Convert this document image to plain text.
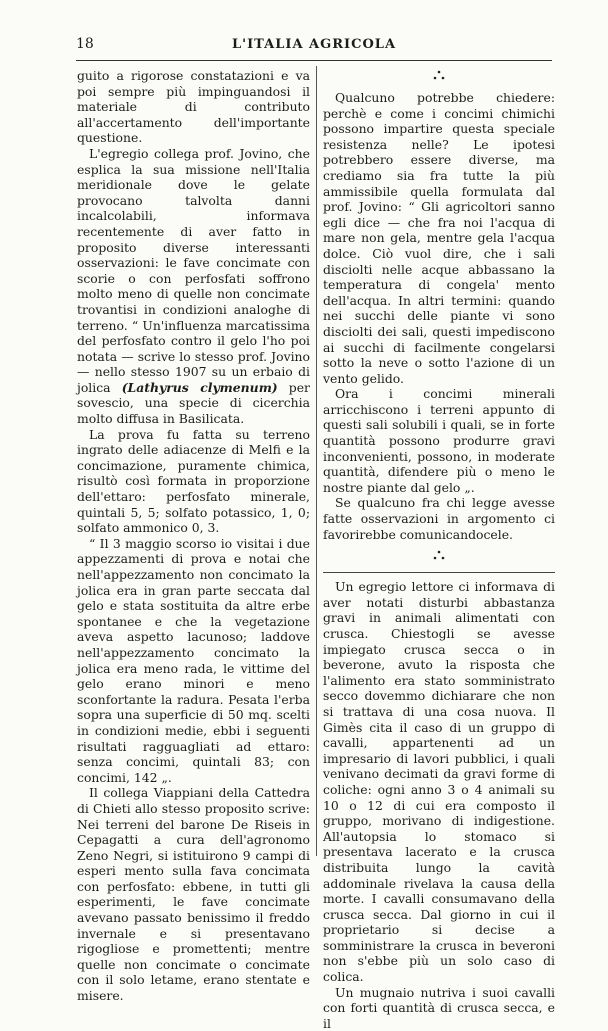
18	L'ITALIA AGRICOLA

guito a rigorose constatazioni e va poi sempre più impinguandosi il materiale di contributo all'accertamento dell'importante questione.

L'egregio collega prof. Jovino, che esplica la sua missione nell'Italia meridionale dove le gelate provocano talvolta danni incalcolabili, informava recentemente di aver fatto in proposito diverse interessanti osservazioni: le fave concimate con scorie o con perfosfati soffrono molto meno di quelle non concimate trovantisi in condizioni analoghe di terreno. “ Un'influenza marcatissima del perfosfato contro il gelo l'ho poi notata — scrive lo stesso prof. Jovino — nello stesso 1907 su un erbaio di jolica (Lathyrus clymenum) per sovescio, una specie di cicerchia molto diffusa in Basilicata.

La prova fu fatta su terreno ingrato delle adiacenze di Melfi e la concimazione, puramente chimica, risultò così formata in proporzione dell'ettaro: perfosfato minerale, quintali 5, 5; solfato potassico, 1, 0; solfato ammonico 0, 3.

“ Il 3 maggio scorso io visitai i due appezzamenti di prova e notai che nell'appezzamento non concimato la jolica era in gran parte seccata dal gelo e stata sostituita da altre erbe spontanee e che la vegetazione aveva aspetto lacunoso; laddove nell'appezzamento concimato la jolica era meno rada, le vittime del gelo erano minori e meno sconfortante la radura. Pesata l'erba sopra una superficie di 50 mq. scelti in condizioni medie, ebbi i seguenti risultati ragguagliati ad ettaro: senza concimi, quintali 83; con concimi, 142 „.

Il collega Viappiani della Cattedra di Chieti allo stesso proposito scrive: Nei terreni del barone De Riseis in Cepagatti a cura dell'agronomo Zeno Negri, si istituirono 9 campi di esperi mento sulla fava concimata con perfosfato: ebbene, in tutti gli esperimenti, le fave concimate avevano passato benissimo il freddo invernale e si presentavano rigogliose e promettenti; mentre quelle non concimate o concimate con il solo letame, erano stentate e misere.

Qualcuno potrebbe chiedere: perchè e come i concimi chimichi possono impartire questa speciale resistenza nelle? Le ipotesi potrebbero essere diverse, ma crediamo sia fra tutte la più ammissibile quella formulata dal prof. Jovino: “ Gli agricoltori sanno egli dice — che fra noi l'acqua di mare non gela, mentre gela l'acqua dolce. Ciò vuol dire, che i sali disciolti nelle acque abbassano la temperatura di congela' mento dell'acqua. In altri termini: quando nei succhi delle piante vi sono disciolti dei sali, questi impediscono ai succhi di facilmente congelarsi sotto la neve o sotto l'azione di un vento gelido.

Ora i concimi minerali arricchiscono i terreni appunto di questi sali solubili i quali, se in forte quantità possono produrre gravi inconvenienti, possono, in moderate quantità, difendere più o meno le nostre piante dal gelo „.

Se qualcuno fra chi legge avesse fatte osservazioni in argomento ci favorirebbe comunicandocele.

Un egregio lettore ci informava di aver notati disturbi abbastanza gravi in animali alimentati con crusca. Chiestogli se avesse impiegato crusca secca o in beverone, avuto la risposta che l'alimento era stato somministrato secco dovemmo dichiarare che non si trattava di una cosa nuova. Il Gimès cita il caso di un gruppo di cavalli, appartenenti ad un impresario di lavori pubblici, i quali venivano decimati da gravi forme di coliche: ogni anno 3 o 4 animali su 10 o 12 di cui era composto il gruppo, morivano di indigestione. All'autopsia lo stomaco si presentava lacerato e la crusca distribuita lungo la cavità addominale rivelava la causa della morte. I cavalli consumavano della crusca secca. Dal giorno in cui il proprietario si decise a somministrare la crusca in beveroni non s'ebbe più un solo caso di colica.

Un mugnaio nutriva i suoi cavalli con forti quantità di crusca secca, e il
